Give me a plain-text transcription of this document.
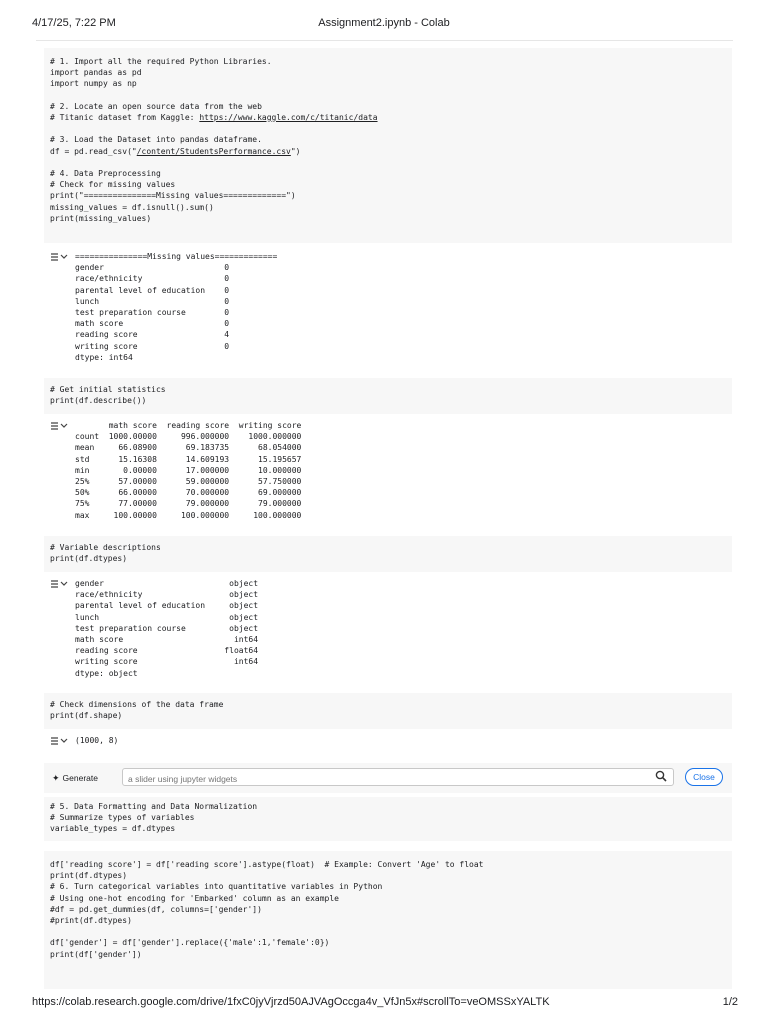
4/17/25, 7:22 PM	Assignment2.ipynb - Colab
# 1. Import all the required Python Libraries.
import pandas as pd
import numpy as np

# 2. Locate an open source data from the web
# Titanic dataset from Kaggle: https://www.kaggle.com/c/titanic/data

# 3. Load the Dataset into pandas dataframe.
df = pd.read_csv("/content/StudentsPerformance.csv")

# 4. Data Preprocessing
# Check for missing values
print("===============Missing values=============")
missing_values = df.isnull().sum()
print(missing_values)
===============Missing values=============
gender                         0
race/ethnicity                 0
parental level of education    0
lunch                          0
test preparation course        0
math score                     0
reading score                  4
writing score                  0
dtype: int64
# Get initial statistics
print(df.describe())
math score  reading score  writing score
count  1000.00000     996.000000    1000.000000
mean     66.08900      69.183735      68.054000
std      15.16308      14.609193      15.195657
min       0.00000      17.000000      10.000000
25%      57.00000      59.000000      57.750000
50%      66.00000      70.000000      69.000000
75%      77.00000      79.000000      79.000000
max     100.00000     100.000000     100.000000
# Variable descriptions
print(df.dtypes)
gender                          object
race/ethnicity                  object
parental level of education     object
lunch                           object
test preparation course         object
math score                       int64
reading score                  float64
writing score                    int64
dtype: object
# Check dimensions of the data frame
print(df.shape)
(1000, 8)
✦ Generate
a slider using jupyter widgets	Close
# 5. Data Formatting and Data Normalization
# Summarize types of variables
variable_types = df.dtypes
df['reading score'] = df['reading score'].astype(float)  # Example: Convert 'Age' to float
print(df.dtypes)
# 6. Turn categorical variables into quantitative variables in Python
# Using one-hot encoding for 'Embarked' column as an example
#df = pd.get_dummies(df, columns=['gender'])
#print(df.dtypes)

df['gender'] = df['gender'].replace({'male':1,'female':0})
print(df['gender'])
https://colab.research.google.com/drive/1fxC0jyVjrzd50AJVAgOccga4v_VfJn5x#scrollTo=veOMSSxYALTK	1/2
